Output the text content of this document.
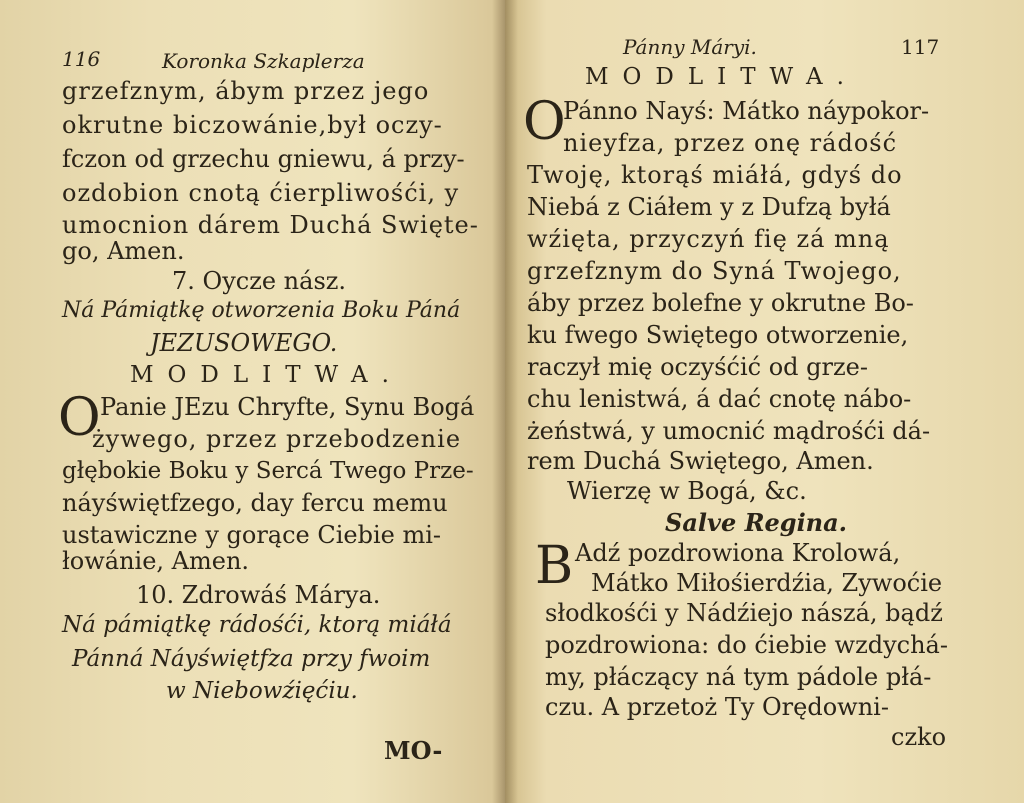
116	Koronka Szkaplerza
grzefznym, ábym przez jego
okrutne biczowánie,był oczy-
fczon od grzechu gniewu, á przy-
ozdobion cnotą ćierpliwośći, y
umocnion dárem Duchá Swięte-
go, Amen.
7. Oycze nász.
Ná Pámiątkę otworzenia Boku Páná
JEZUSOWEGO.
MODLITWA.
O Panie JEzu Chryfte, Synu Bogá
żywego, przez przebodzenie
głębokie Boku y Sercá Twego Prze-
náyświętfzego, day fercu memu
ustawiczne y gorące Ciebie mi-
łowánie, Amen.
10. Zdrowáś Márya.
Ná pámiątkę rádośći, ktorą miáłá
Pánná Náyświętfza przy fwoim
w Niebowźięćiu.
MO-
Pánny Máryi.	117
MODLITWA.
O
Pánno Nayś: Mátko náypokor-
nieyfza, przez onę rádość
Twoję, ktorąś miáłá, gdyś do
Niebá z Ciáłem y z Dufzą byłá
wźięta, przyczyń fię zá mną
grzefznym do Syná Twojego,
áby przez bolefne y okrutne Bo-
ku fwego Swiętego otworzenie,
raczył mię oczyśćić od grze-
chu lenistwá, á dać cnotę nábo-
żeństwá, y umocnić mądrośći dá-
rem Duchá Swiętego, Amen.
Wierzę w Bogá, &c.
Salve Regina.
B Adź pozdrowiona Krolowá,
Mátko Miłośierdźia, Zywoćie
słodkośći y Nádźiejo nászá, bądź
pozdrowiona: do ćiebie wzdychá-
my, płáczący ná tym pádole płá-
czu. A przetoż Ty Orędowni-
czko
